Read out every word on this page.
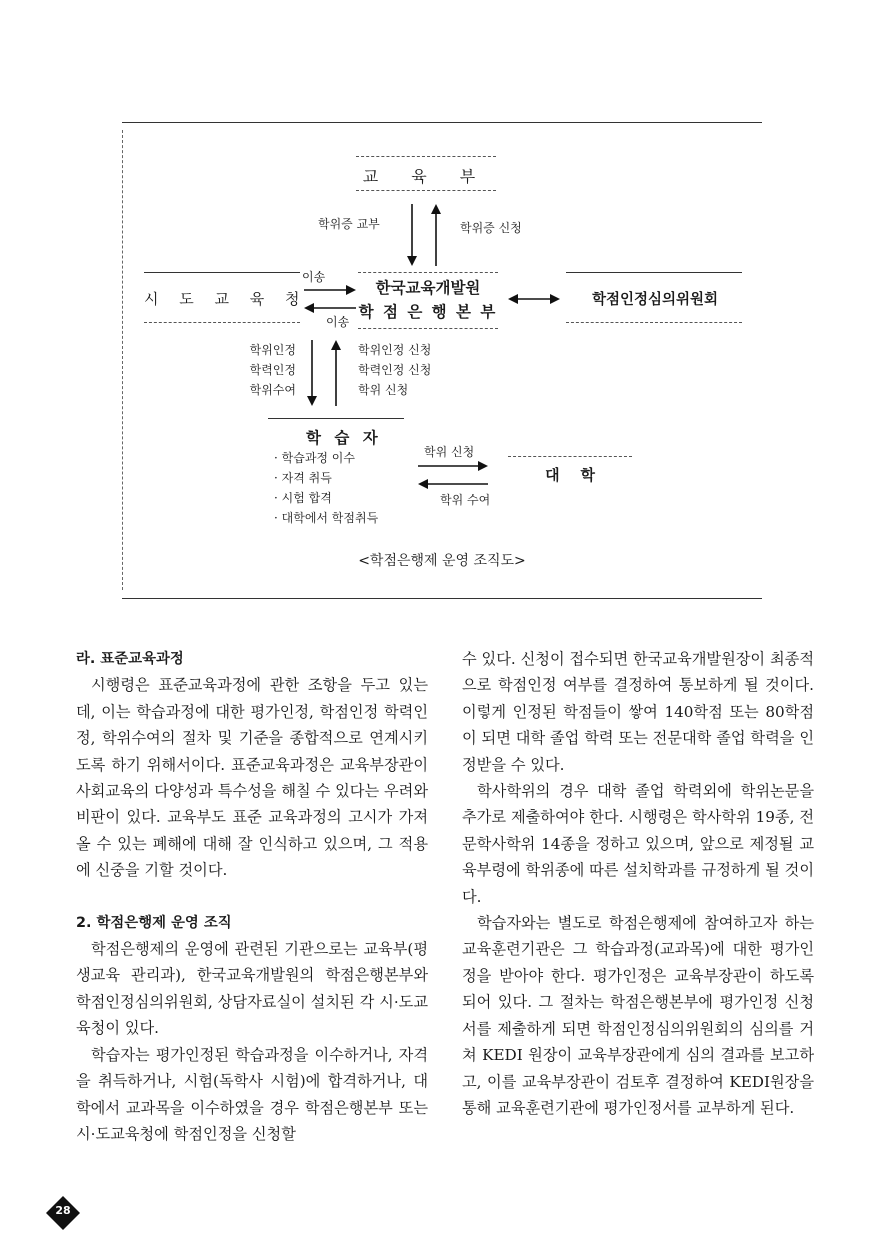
교 육 부
학위증 교부	학위증 신청
시 도 교 육 청
이송
이송
한국교육개발원
학 점 은 행 본 부
학점인정심의위원회
학위인정
학력인정
학위수여
학위인정 신청
학력인정 신청
학위 신청
학 습 자
· 학습과정 이수
· 자격 취득
· 시험 합격
· 대학에서 학점취득
학위 신청
학위 수여
대    학
<학점은행제 운영 조직도>
라. 표준교육과정

시행령은 표준교육과정에 관한 조항을 두고 있는데, 이는 학습과정에 대한 평가인정, 학점인정 학력인정, 학위수여의 절차 및 기준을 종합적으로 연계시키도록 하기 위해서이다. 표준교육과정은 교육부장관이 사회교육의 다양성과 특수성을 해칠 수 있다는 우려와 비판이 있다. 교육부도 표준 교육과정의 고시가 가져올 수 있는 폐해에 대해 잘 인식하고 있으며, 그 적용에 신중을 기할 것이다.

2. 학점은행제 운영 조직

학점은행제의 운영에 관련된 기관으로는 교육부(평생교육 관리과), 한국교육개발원의 학점은행본부와 학점인정심의위원회, 상담자료실이 설치된 각 시·도교육청이 있다.

학습자는 평가인정된 학습과정을 이수하거나, 자격을 취득하거나, 시험(독학사 시험)에 합격하거나, 대학에서 교과목을 이수하였을 경우 학점은행본부 또는 시·도교육청에 학점인정을 신청할

수 있다. 신청이 접수되면 한국교육개발원장이 최종적으로 학점인정 여부를 결정하여 통보하게 될 것이다. 이렇게 인정된 학점들이 쌓여 140학점 또는 80학점이 되면 대학 졸업 학력 또는 전문대학 졸업 학력을 인정받을 수 있다.

학사학위의 경우 대학 졸업 학력외에 학위논문을 추가로 제출하여야 한다. 시행령은 학사학위 19종, 전문학사학위 14종을 정하고 있으며, 앞으로 제정될 교육부령에 학위종에 따른 설치학과를 규정하게 될 것이다.

학습자와는 별도로 학점은행제에 참여하고자 하는 교육훈련기관은 그 학습과정(교과목)에 대한 평가인정을 받아야 한다. 평가인정은 교육부장관이 하도록 되어 있다. 그 절차는 학점은행본부에 평가인정 신청서를 제출하게 되면 학점인정심의위원회의 심의를 거쳐 KEDI 원장이 교육부장관에게 심의 결과를 보고하고, 이를 교육부장관이 검토후 결정하여 KEDI원장을 통해 교육훈련기관에 평가인정서를 교부하게 된다.

28
